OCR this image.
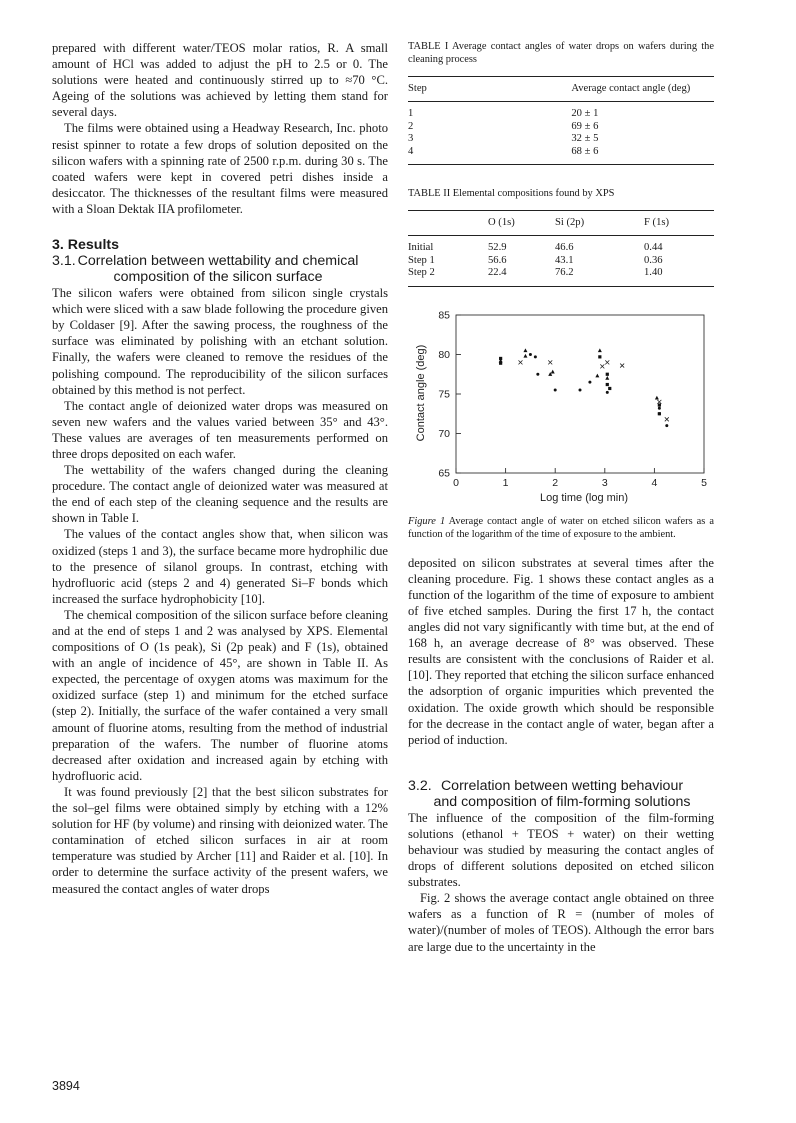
prepared with different water/TEOS molar ratios, R. A small amount of HCl was added to adjust the pH to 2.5 or 0. The solutions were heated and continuously stirred up to ≈70 °C. Ageing of the solutions was achieved by letting them stand for several days.

The films were obtained using a Headway Research, Inc. photo resist spinner to rotate a few drops of solution deposited on the silicon wafers with a spinning rate of 2500 r.p.m. during 30 s. The coated wafers were kept in covered petri dishes inside a desiccator. The thicknesses of the resultant films were measured with a Sloan Dektak IIA profilometer.

3. Results
3.1. Correlation between wettability and chemical composition of the silicon surface

The silicon wafers were obtained from silicon single crystals which were sliced with a saw blade following the procedure given by Coldaser [9]. After the sawing process, the roughness of the surface was eliminated by polishing with an etchant solution. Finally, the wafers were cleaned to remove the residues of the polishing compound. The reproducibility of the silicon surfaces obtained by this method is not perfect.

The contact angle of deionized water drops was measured on seven new wafers and the values varied between 35° and 43°. These values are averages of ten measurements performed on three drops deposited on each wafer.

The wettability of the wafers changed during the cleaning procedure. The contact angle of deionized water was measured at the end of each step of the cleaning sequence and the results are shown in Table I.

The values of the contact angles show that, when silicon was oxidized (steps 1 and 3), the surface became more hydrophilic due to the presence of silanol groups. In contrast, etching with hydrofluoric acid (steps 2 and 4) generated Si–F bonds which increased the surface hydrophobicity [10].

The chemical composition of the silicon surface before cleaning and at the end of steps 1 and 2 was analysed by XPS. Elemental compositions of O (1s peak), Si (2p peak) and F (1s), obtained with an angle of incidence of 45°, are shown in Table II. As expected, the percentage of oxygen atoms was maximum for the oxidized surface (step 1) and minimum for the etched surface (step 2). Initially, the surface of the wafer contained a very small amount of fluorine atoms, resulting from the method of industrial preparation of the wafers. The number of fluorine atoms decreased after oxidation and increased again by etching with hydrofluoric acid.

It was found previously [2] that the best silicon substrates for the sol–gel films were obtained simply by etching with a 12% solution for HF (by volume) and rinsing with deionized water. The contamination of etched silicon surfaces in air at room temperature was studied by Archer [11] and Raider et al. [10]. In order to determine the surface activity of the present wafers, we measured the contact angles of water drops

TABLE I Average contact angles of water drops on wafers during the cleaning process

Step	Average contact angle (deg)
1	20 ± 1
2	69 ± 6
3	32 ± 5
4	68 ± 6

TABLE II Elemental compositions found by XPS

	O (1s)	Si (2p)	F (1s)
Initial	52.9	46.6	0.44
Step 1	56.6	43.1	0.36
Step 2	22.4	76.2	1.40

0	1	2	3	4	5
65
70
75
80
85
Log time (log min)
Contact angle (deg)

Figure 1 Average contact angle of water on etched silicon wafers as a function of the logarithm of the time of exposure to the ambient.

deposited on silicon substrates at several times after the cleaning procedure. Fig. 1 shows these contact angles as a function of the logarithm of the time of exposure to ambient of five etched samples. During the first 17 h, the contact angles did not vary significantly with time but, at the end of 168 h, an average decrease of 8° was observed. These results are consistent with the conclusions of Raider et al. [10]. They reported that etching the silicon surface enhanced the adsorption of organic impurities which prevented the oxidation. The oxide growth which should be responsible for the decrease in the contact angle of water, began after a period of induction.

3.2. Correlation between wetting behaviour and composition of film-forming solutions

The influence of the composition of the film-forming solutions (ethanol + TEOS + water) on their wetting behaviour was studied by measuring the contact angles of drops of different solutions deposited on etched silicon substrates.

Fig. 2 shows the average contact angle obtained on three wafers as a function of R = (number of moles of water)/(number of moles of TEOS). Although the error bars are large due to the uncertainty in the

3894
